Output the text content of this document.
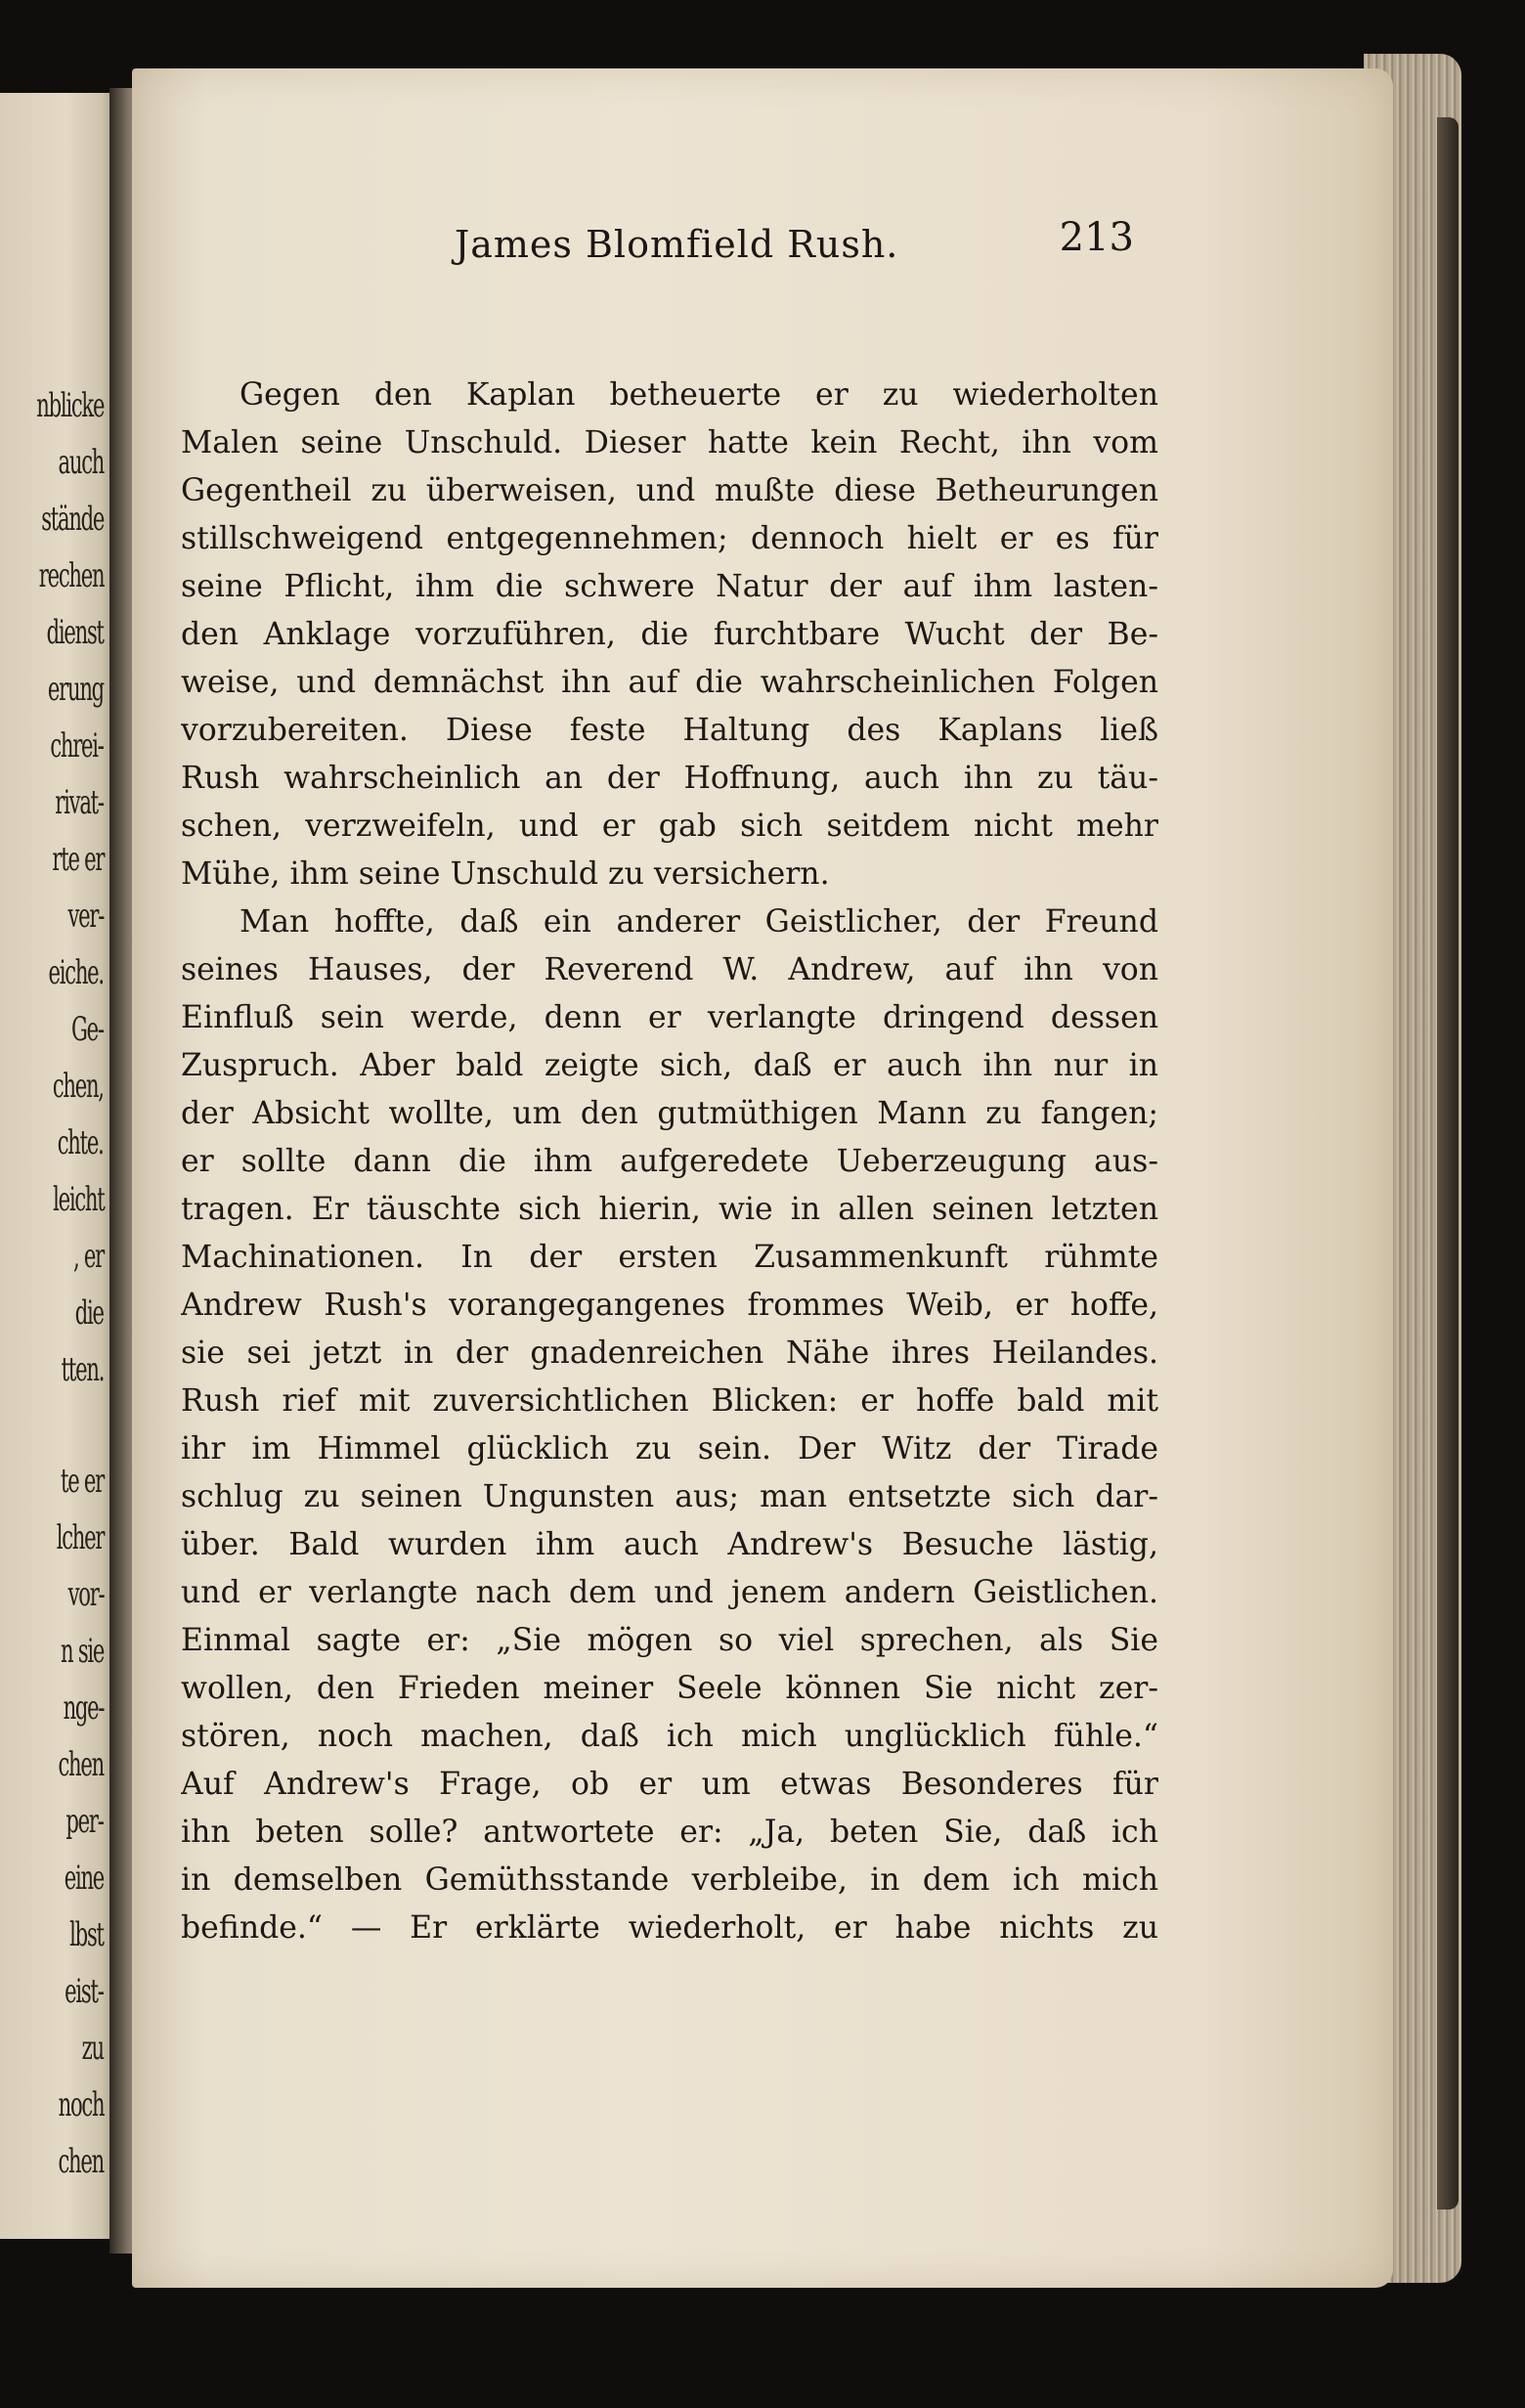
nblicke
auch
stände
rechen
dienst
erung
chrei-
rivat-
rte er
ver-
eiche.
Ge-
chen,
chte.
leicht
, er
die
tten.
te er
lcher
vor-
n sie
nge-
chen
per-
eine
lbst
eist-
zu
noch
chen
James Blomfield Rush.	213
Gegen den Kaplan betheuerte er zu wiederholten
Malen seine Unschuld. Dieser hatte kein Recht, ihn vom
Gegentheil zu überweisen, und mußte diese Betheurungen
stillschweigend entgegennehmen; dennoch hielt er es für
seine Pflicht, ihm die schwere Natur der auf ihm lasten-
den Anklage vorzuführen, die furchtbare Wucht der Be-
weise, und demnächst ihn auf die wahrscheinlichen Folgen
vorzubereiten. Diese feste Haltung des Kaplans ließ
Rush wahrscheinlich an der Hoffnung, auch ihn zu täu-
schen, verzweifeln, und er gab sich seitdem nicht mehr
Mühe, ihm seine Unschuld zu versichern.
Man hoffte, daß ein anderer Geistlicher, der Freund
seines Hauses, der Reverend W. Andrew, auf ihn von
Einfluß sein werde, denn er verlangte dringend dessen
Zuspruch. Aber bald zeigte sich, daß er auch ihn nur in
der Absicht wollte, um den gutmüthigen Mann zu fangen;
er sollte dann die ihm aufgeredete Ueberzeugung aus-
tragen. Er täuschte sich hierin, wie in allen seinen letzten
Machinationen. In der ersten Zusammenkunft rühmte
Andrew Rush's vorangegangenes frommes Weib, er hoffe,
sie sei jetzt in der gnadenreichen Nähe ihres Heilandes.
Rush rief mit zuversichtlichen Blicken: er hoffe bald mit
ihr im Himmel glücklich zu sein. Der Witz der Tirade
schlug zu seinen Ungunsten aus; man entsetzte sich dar-
über. Bald wurden ihm auch Andrew's Besuche lästig,
und er verlangte nach dem und jenem andern Geistlichen.
Einmal sagte er: „Sie mögen so viel sprechen, als Sie
wollen, den Frieden meiner Seele können Sie nicht zer-
stören, noch machen, daß ich mich unglücklich fühle.“
Auf Andrew's Frage, ob er um etwas Besonderes für
ihn beten solle? antwortete er: „Ja, beten Sie, daß ich
in demselben Gemüthsstande verbleibe, in dem ich mich
befinde.“ — Er erklärte wiederholt, er habe nichts zu
